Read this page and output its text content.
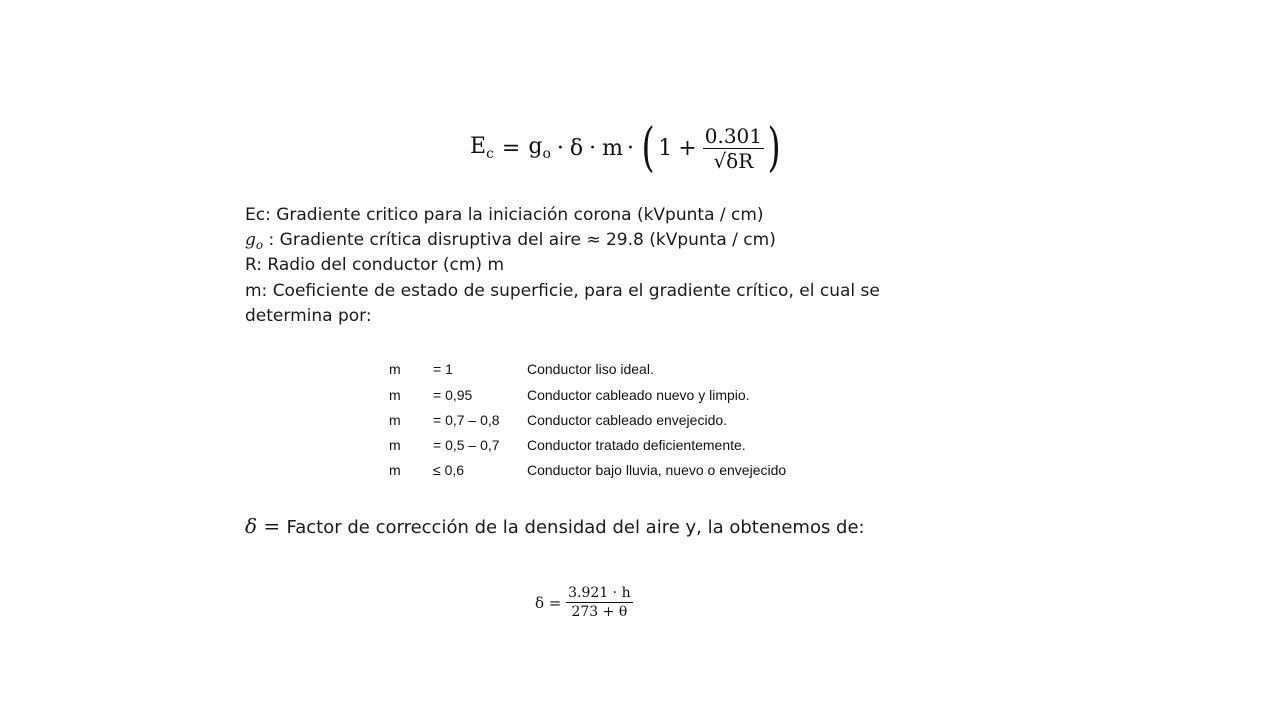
$E_c = g_o \cdot \delta \cdot m$ · ( $1 + \frac{0.301}{√\delta R}$ )
Ec: Gradiente critico para la iniciación corona (kVpunta / cm)
$g_o$ : Gradiente crítica disruptiva del aire ≈ 29.8 (kVpunta / cm)
R: Radio del conductor (cm) m
m: Coeficiente de estado de superficie, para el gradiente crítico, el cual se
determina por:
m = 1	Conductor liso ideal.
m = 0,95	Conductor cableado nuevo y limpio.
m = 0,7 – 0,8 Conductor cableado envejecido.
m = 0,5 – 0,7 Conductor tratado deficientemente.
m ≤ 0,6	Conductor bajo lluvia, nuevo o envejecido
δ = Factor de corrección de la densidad del aire y, la obtenemos de:
$\delta = \frac{3.921 \cdot h}{273 + \theta}$
